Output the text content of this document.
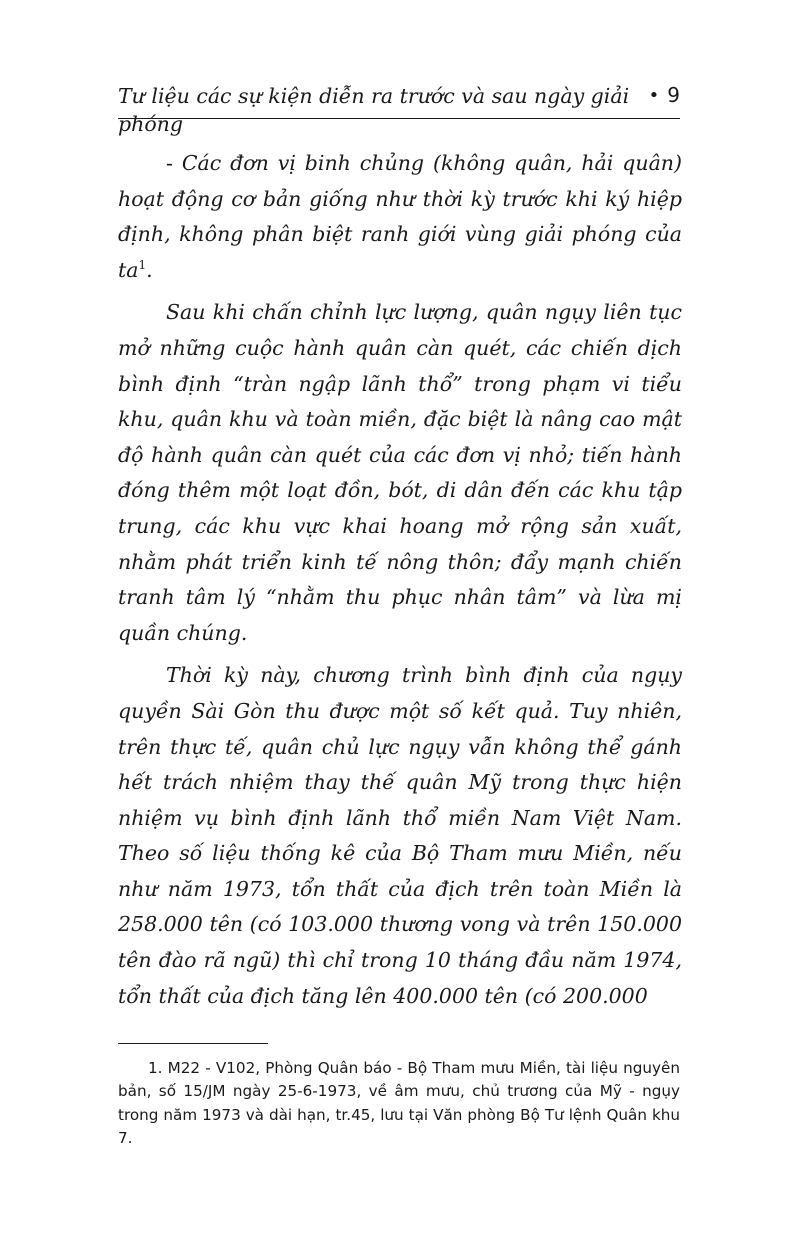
Tư liệu các sự kiện diễn ra trước và sau ngày giải phóng
• 9

- Các đơn vị binh chủng (không quân, hải quân) hoạt động cơ bản giống như thời kỳ trước khi ký hiệp định, không phân biệt ranh giới vùng giải phóng của $ta^1$.

Sau khi chấn chỉnh lực lượng, quân ngụy liên tục mở những cuộc hành quân càn quét, các chiến dịch bình định “tràn ngập lãnh thổ” trong phạm vi tiểu khu, quân khu và toàn miền, đặc biệt là nâng cao mật độ hành quân càn quét của các đơn vị nhỏ; tiến hành đóng thêm một loạt đồn, bót, di dân đến các khu tập trung, các khu vực khai hoang mở rộng sản xuất, nhằm phát triển kinh tế nông thôn; đẩy mạnh chiến tranh tâm lý “nhằm thu phục nhân tâm” và lừa mị quần chúng.

Thời kỳ này, chương trình bình định của ngụy quyền Sài Gòn thu được một số kết quả. Tuy nhiên, trên thực tế, quân chủ lực ngụy vẫn không thể gánh hết trách nhiệm thay thế quân Mỹ trong thực hiện nhiệm vụ bình định lãnh thổ miền Nam Việt Nam. Theo số liệu thống kê của Bộ Tham mưu Miền, nếu như năm 1973, tổn thất của địch trên toàn Miền là 258.000 tên (có 103.000 thương vong và trên 150.000 tên đào rã ngũ) thì chỉ trong 10 tháng đầu năm 1974, tổn thất của địch tăng lên 400.000 tên (có 200.000

1. M22 - V102, Phòng Quân báo - Bộ Tham mưu Miền, tài liệu nguyên bản, số 15/JM ngày 25-6-1973, về âm mưu, chủ trương của Mỹ - ngụy trong năm 1973 và dài hạn, tr.45, lưu tại Văn phòng Bộ Tư lệnh Quân khu 7.
